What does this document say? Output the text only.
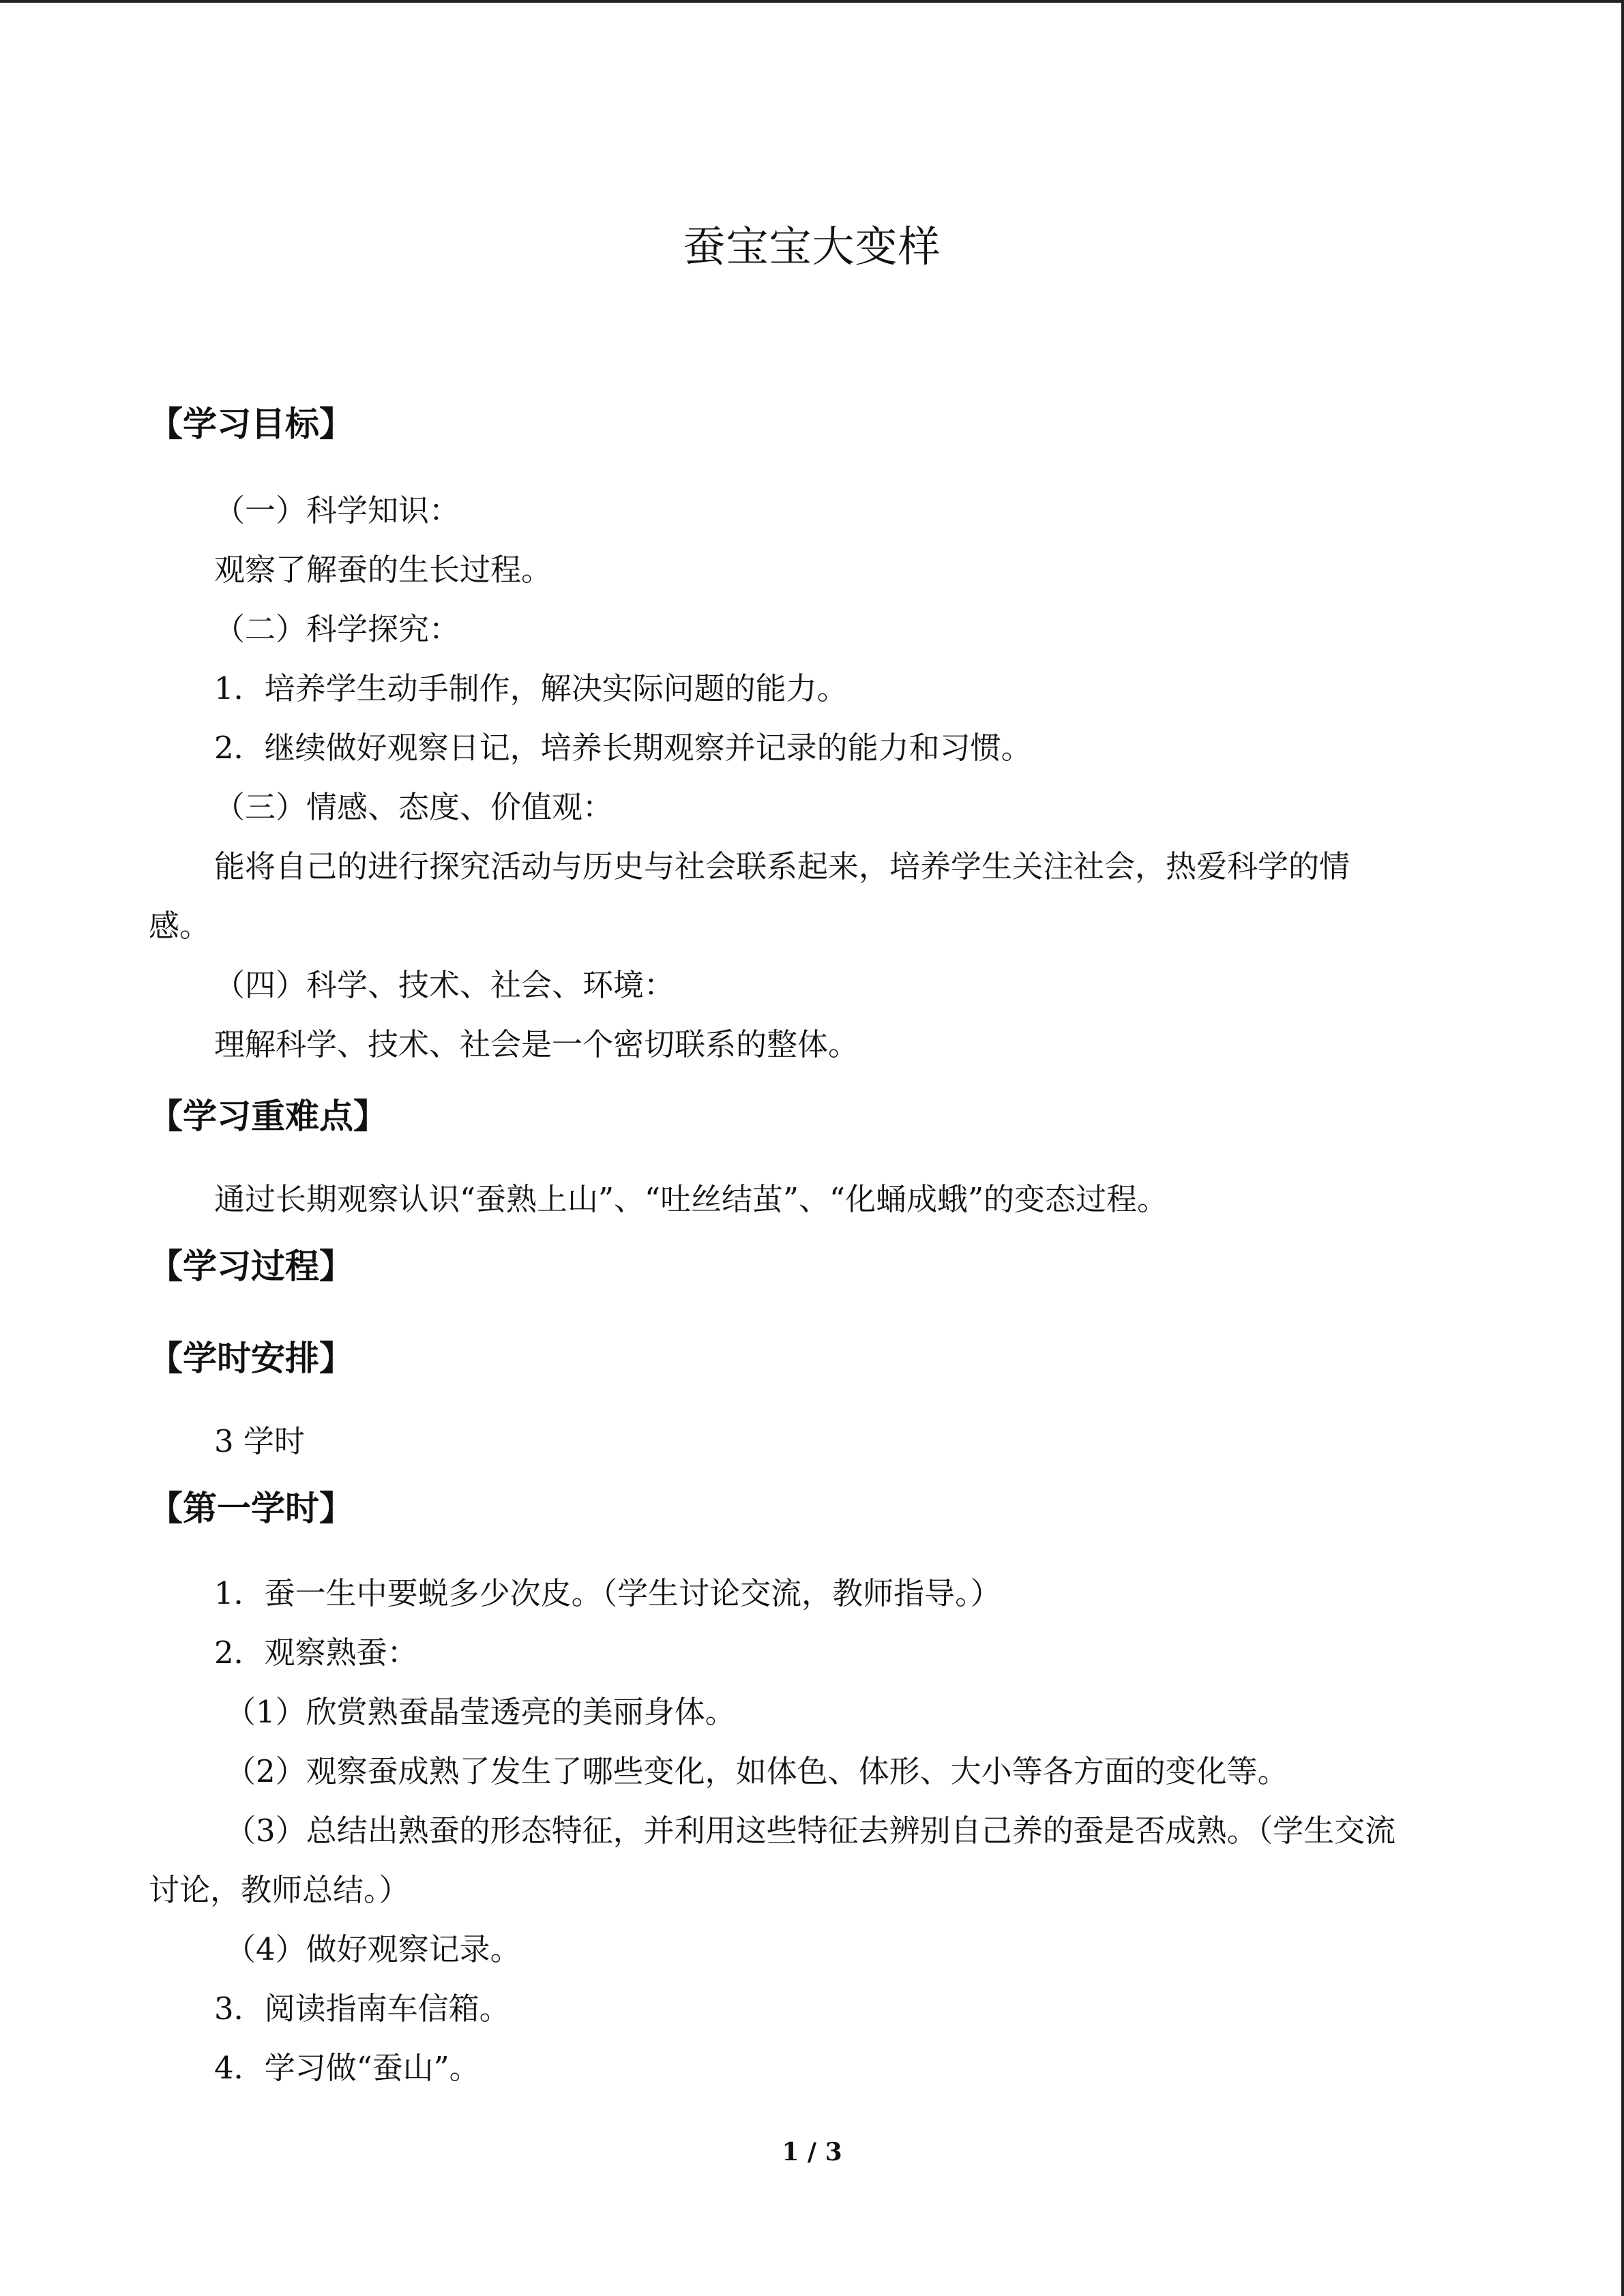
蚕宝宝大变样
【学习目标】
（一）科学知识：
观察了解蚕的生长过程。
（二）科学探究：
1．培养学生动手制作，解决实际问题的能力。
2．继续做好观察日记，培养长期观察并记录的能力和习惯。
（三）情感、态度、价值观：
能将自己的进行探究活动与历史与社会联系起来，培养学生关注社会，热爱科学的情
感。
（四）科学、技术、社会、环境：
理解科学、技术、社会是一个密切联系的整体。
【学习重难点】
通过长期观察认识“蚕熟上山”、“吐丝结茧”、“化蛹成蛾”的变态过程。
【学习过程】
【学时安排】
3 学时
【第一学时】
1．蚕一生中要蜕多少次皮。（学生讨论交流，教师指导。）
2．观察熟蚕：
（1）欣赏熟蚕晶莹透亮的美丽身体。
（2）观察蚕成熟了发生了哪些变化，如体色、体形、大小等各方面的变化等。
（3）总结出熟蚕的形态特征，并利用这些特征去辨别自己养的蚕是否成熟。（学生交流
讨论，教师总结。）
（4）做好观察记录。
3．阅读指南车信箱。
4．学习做“蚕山”。
1 / 3
